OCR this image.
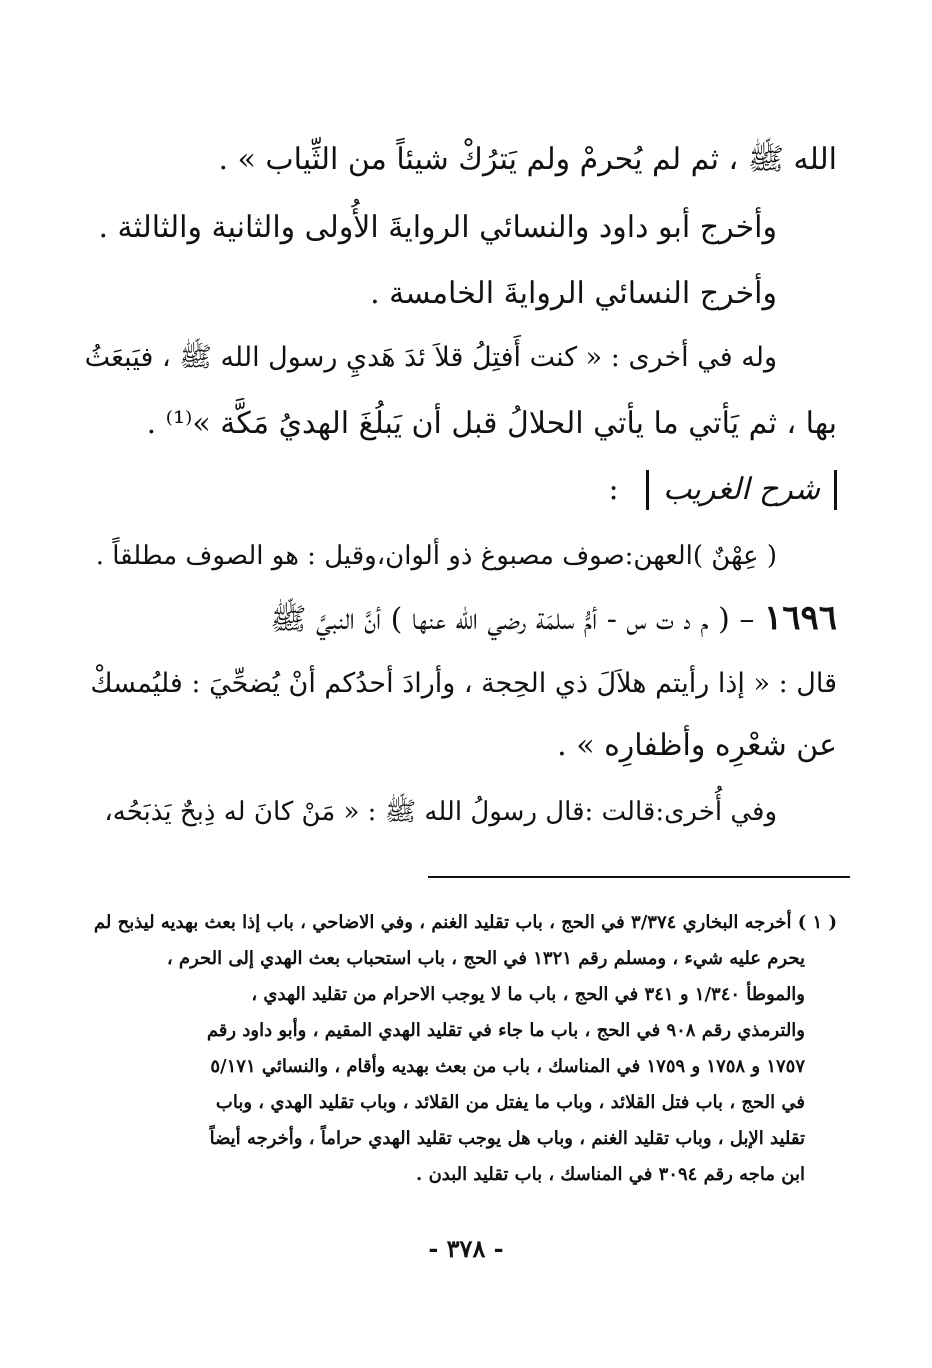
الله ﷺ ، ثم لم يُحرمْ ولم يَترُكْ شيئاً من الثِّياب » .
وأخرج أبو داود والنسائي الروايةَ الأُولى والثانية والثالثة .
وأخرج النسائي الروايةَ الخامسة .
وله في أخرى : « كنت أَفتِلُ قلاَ ئدَ هَديِ رسول الله ﷺ ، فيَبعَثُ
بها ، ثم يَأتي ما يأتي الحلالُ قبل أن يَبلُغَ الهديُ مَكَّة »⁽¹⁾ .
شرح الغريب :
( عِهْنٌ )العهن:صوف مصبوغ ذو ألوان،وقيل : هو الصوف مطلقاً .
١٦٩٦ – ( م د ت س - أمُّ سلمَة رضي الله عنها ) أنَّ النبيَّ ﷺ
قال : « إذا رأيتم هلاَلَ ذي الحِجة ، وأرادَ أحدُكم أنْ يُضحِّيَ : فليُمسكْ
عن شعْرِه وأظفارِه » .
وفي أُخرى:قالت :قال رسولُ الله ﷺ : « مَنْ كانَ له ذِبحٌ يَذبَحُه،
( ١ ) أخرجه البخاري ٣/٣٧٤ في الحج ، باب تقليد الغنم ، وفي الاضاحي ، باب إذا بعث بهديه ليذبح لم
يحرم عليه شيء ، ومسلم رقم ١٣٢١ في الحج ، باب استحباب بعث الهدي إلى الحرم ،
والموطأ ١/٣٤٠ و ٣٤١ في الحج ، باب ما لا يوجب الاحرام من تقليد الهدي ،
والترمذي رقم ٩٠٨ في الحج ، باب ما جاء في تقليد الهدي المقيم ، وأبو داود رقم
١٧٥٧ و ١٧٥٨ و ١٧٥٩ في المناسك ، باب من بعث بهديه وأقام ، والنسائي ٥/١٧١
في الحج ، باب فتل القلائد ، وباب ما يفتل من القلائد ، وباب تقليد الهدي ، وباب
تقليد الإبل ، وباب تقليد الغنم ، وباب هل يوجب تقليد الهدي حراماً ، وأخرجه أيضاً
ابن ماجه رقم ٣٠٩٤ في المناسك ، باب تقليد البدن .
- ٣٧٨ -
